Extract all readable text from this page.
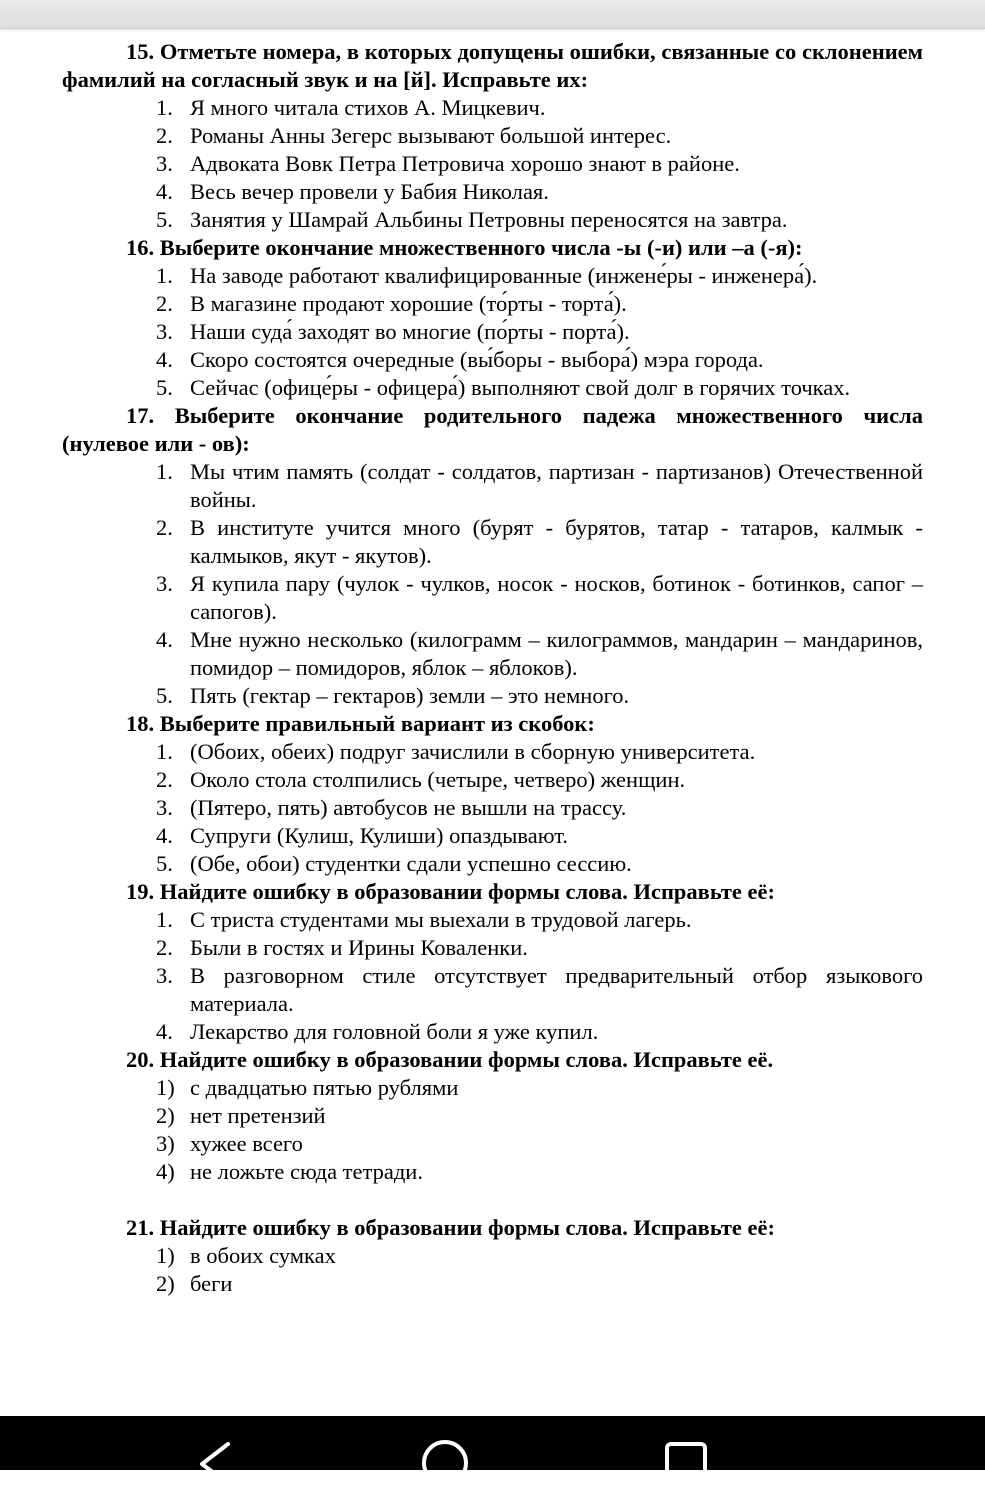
15. Отметьте номера, в которых допущены ошибки, связанные со склонением фамилий на согласный звук и на [й]. Исправьте их:

1. Я много читала стихов А. Мицкевич.
2. Романы Анны Зегерс вызывают большой интерес.
3. Адвоката Вовк Петра Петровича хорошо знают в районе.
4. Весь вечер провели у Бабия Николая.
5. Занятия у Шамрай Альбины Петровны переносятся на завтра.

16. Выберите окончание множественного числа -ы (-и) или –а (-я):

1. На заводе работают квалифицированные (инжене́ры - инженера́).
2. В магазине продают хорошие (то́рты - торта́).
3. Наши суда́ заходят во многие (по́рты - порта́).
4. Скоро состоятся очередные (вы́боры - выбора́) мэра города.
5. Сейчас (офице́ры - офицера́) выполняют свой долг в горячих точках.

17. Выберите окончание родительного падежа множественного числа (нулевое или - ов):

1. Мы чтим память (солдат - солдатов, партизан - партизанов) Отечественной войны.
2. В институте учится много (бурят - бурятов, татар - татаров, калмык - калмыков, якут - якутов).
3. Я купила пару (чулок - чулков, носок - носков, ботинок - ботинков, сапог – сапогов).
4. Мне нужно несколько (килограмм – килограммов, мандарин – мандаринов, помидор – помидоров, яблок – яблоков).
5. Пять (гектар – гектаров) земли – это немного.

18. Выберите правильный вариант из скобок:

1. (Обоих, обеих) подруг зачислили в сборную университета.
2. Около стола столпились (четыре, четверо) женщин.
3. (Пятеро, пять) автобусов не вышли на трассу.
4. Супруги (Кулиш, Кулиши) опаздывают.
5. (Обе, обои) студентки сдали успешно сессию.

19. Найдите ошибку в образовании формы слова. Исправьте её:

1. С триста студентами мы выехали в трудовой лагерь.
2. Были в гостях и Ирины Коваленки.
3. В разговорном стиле отсутствует предварительный отбор языкового материала.
4. Лекарство для головной боли я уже купил.

20. Найдите ошибку в образовании формы слова. Исправьте её.

1) с двадцатью пятью рублями
2) нет претензий
3) хужее всего
4) не ложьте сюда тетради.

21. Найдите ошибку в образовании формы слова. Исправьте её:

1) в обоих сумках
2) беги
